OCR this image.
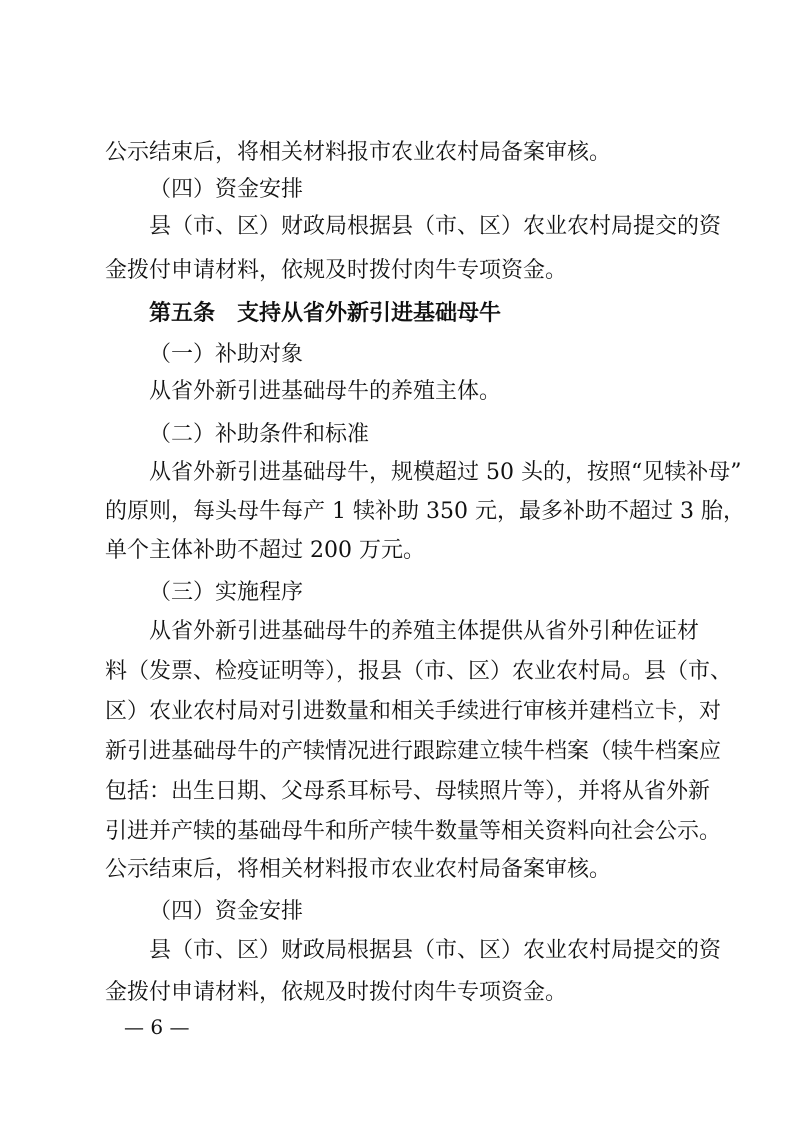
公示结束后，将相关材料报市农业农村局备案审核。
（四）资金安排
县（市、区）财政局根据县（市、区）农业农村局提交的资
金拨付申请材料，依规及时拨付肉牛专项资金。
第五条　支持从省外新引进基础母牛
（一）补助对象
从省外新引进基础母牛的养殖主体。
（二）补助条件和标准
从省外新引进基础母牛，规模超过 50 头的，按照“见犊补母”
的原则，每头母牛每产 1 犊补助 350 元，最多补助不超过 3 胎，
单个主体补助不超过 200 万元。
（三）实施程序
从省外新引进基础母牛的养殖主体提供从省外引种佐证材
料（发票、检疫证明等），报县（市、区）农业农村局。县（市、
区）农业农村局对引进数量和相关手续进行审核并建档立卡，对
新引进基础母牛的产犊情况进行跟踪建立犊牛档案（犊牛档案应
包括：出生日期、父母系耳标号、母犊照片等），并将从省外新
引进并产犊的基础母牛和所产犊牛数量等相关资料向社会公示。
公示结束后，将相关材料报市农业农村局备案审核。
（四）资金安排
县（市、区）财政局根据县（市、区）农业农村局提交的资
金拨付申请材料，依规及时拨付肉牛专项资金。
— 6 —
